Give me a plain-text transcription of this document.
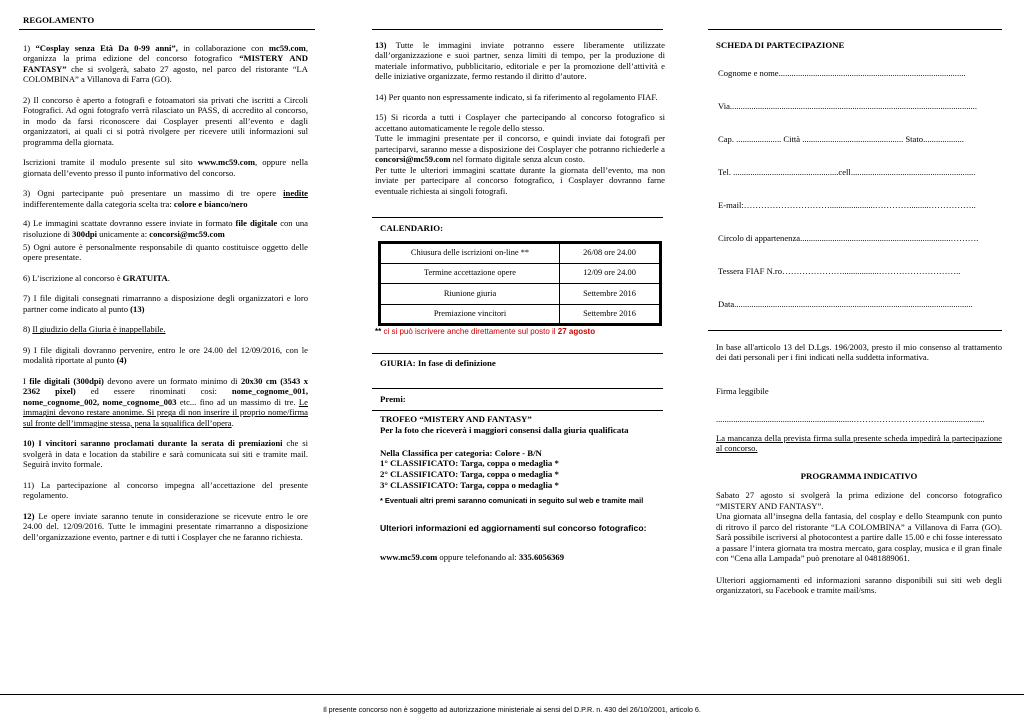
REGOLAMENTO
1) “Cosplay senza Età Da 0-99 anni”, in collaborazione con mc59.com, organizza la prima edizione del concorso fotografico “MISTERY AND FANTASY” che si svolgerà, sabato 27 agosto, nel parco del ristorante “LA COLOMBINA” a Villanova di Farra (GO).
2) Il concorso è aperto a fotografi e fotoamatori sia privati che iscritti a Circoli Fotografici. Ad ogni fotografo verrà rilasciato un PASS, di accredito al concorso, in modo da farsi riconoscere dai Cosplayer presenti all’evento e dagli organizzatori, ai quali ci si potrà rivolgere per ricevere utili informazioni sul programma della giornata.
Iscrizioni tramite il modulo presente sul sito www.mc59.com, oppure nella giornata dell’evento presso il punto informativo del concorso.
3) Ogni partecipante può presentare un massimo di tre opere inedite indifferentemente dalla categoria scelta tra: colore e bianco/nero
4) Le immagini scattate dovranno essere inviate in formato file digitale con una risoluzione di 300dpi unicamente a: concorsi@mc59.com
5) Ogni autore è personalmente responsabile di quanto costituisce oggetto delle opere presentate.
6) L’iscrizione al concorso è GRATUITA.
7) I file digitali consegnati rimarranno a disposizione degli organizzatori e loro partner come indicato al punto (13)
8) Il giudizio della Giuria è inappellabile.
9) I file digitali dovranno pervenire, entro le ore 24.00 del 12/09/2016, con le modalità riportate al punto (4)
I file digitali (300dpi) devono avere un formato minimo di 20x30 cm (3543 x 2362 pixel) ed essere rinominati cosi: nome_cognome_001, nome_cognome_002, nome_cognome_003 etc... fino ad un massimo di tre. Le immagini devono restare anonime. Si prega di non inserire il proprio nome/firma sul fronte dell’immagine stessa, pena la squalifica dell’opera.
10) I vincitori saranno proclamati durante la serata di premiazioni che si svolgerà in data e location da stabilire e sarà comunicata sui siti e tramite mail. Seguirà invito formale.
11) La partecipazione al concorso impegna all’accettazione del presente regolamento.
12) Le opere inviate saranno tenute in considerazione se ricevute entro le ore 24.00 del. 12/09/2016. Tutte le immagini presentate rimarranno a disposizione dell’organizzazione evento, partner e di tutti i Cosplayer che ne faranno richiesta.
13) Tutte le immagini inviate potranno essere liberamente utilizzate dall’organizzazione e suoi partner, senza limiti di tempo, per la produzione di materiale informativo, pubblicitario, editoriale e per la promozione dell’attività e delle iniziative organizzate, fermo restando il diritto d’autore.
14) Per quanto non espressamente indicato, si fa riferimento al regolamento FIAF.
15) Si ricorda a tutti i Cosplayer che partecipando al concorso fotografico si accettano automaticamente le regole dello stesso.
Tutte le immagini presentate per il concorso, e quindi inviate dai fotografi per parteciparvi, saranno messe a disposizione dei Cosplayer che potranno richiederle a concorsi@mc59.com nel formato digitale senza alcun costo.
Per tutte le ulteriori immagini scattate durante la giornata dell’evento, ma non inviate per partecipare al concorso fotografico, i Cosplayer dovranno farne eventuale richiesta ai singoli fotografi.
CALENDARIO:
Chiusura delle iscrizioni on-line **	26/08 ore 24.00
Termine accettazione opere	12/09 ore 24.00
Riunione giuria	Settembre 2016
Premiazione vincitori	Settembre 2016
** ci si può iscrivere anche direttamente sul posto il 27 agosto
GIURIA: In fase di definizione
Premi:
TROFEO “MISTERY AND FANTASY”
Per la foto che riceverà i maggiori consensi dalla giuria qualificata
Nella Classifica per categoria: Colore - B/N
1° CLASSIFICATO: Targa, coppa o medaglia *
2° CLASSIFICATO: Targa, coppa o medaglia *
3° CLASSIFICATO: Targa, coppa o medaglia *
* Eventuali altri premi saranno comunicati in seguito sul web e tramite mail
Ulteriori informazioni ed aggiornamenti sul concorso fotografico:
www.mc59.com oppure telefonando al: 335.6056369
SCHEDA DI PARTECIPAZIONE
Cognome e nome .......................................................................................
Via ...................................................................................................................
Cap. ..................... Città ............................................... Stato ...................
Tel. .................................................cell. .........................................................
E-mail: ………………………….....................………….........……………..
Circolo di appartenenza ......................................................................……….
Tessera FIAF N.ro ………………….................………………………..
Data ...............................................................................................................
In base all'articolo 13 del D.Lgs. 196/2003, presto il mio consenso al trattamento dei dati personali per i fini indicati nella suddetta informativa.
Firma leggibile
................................................................………………………….....................
La mancanza della prevista firma sulla presente scheda impedirà la partecipazione al concorso.
PROGRAMMA INDICATIVO
Sabato 27 agosto si svolgerà la prima edizione del concorso fotografico “MISTERY AND FANTASY”.
Una giornata all’insegna della fantasia, del cosplay e dello Steampunk con punto di ritrovo il parco del ristorante “LA COLOMBINA” a Villanova di Farra (GO). Sarà possibile iscriversi al photocontest a partire dalle 15.00 e chi fosse interessato a passare l’intera giornata tra mostra mercato, gara cosplay, musica e il gran finale con “Cena alla Lampada” può prenotare al 0481889061.
Ulteriori aggiornamenti ed informazioni saranno disponibili sui siti web degli organizzatori, su Facebook e tramite mail/sms.
Il presente concorso non è soggetto ad autorizzazione ministeriale ai sensi del D.P.R. n. 430 del 26/10/2001, articolo 6.
